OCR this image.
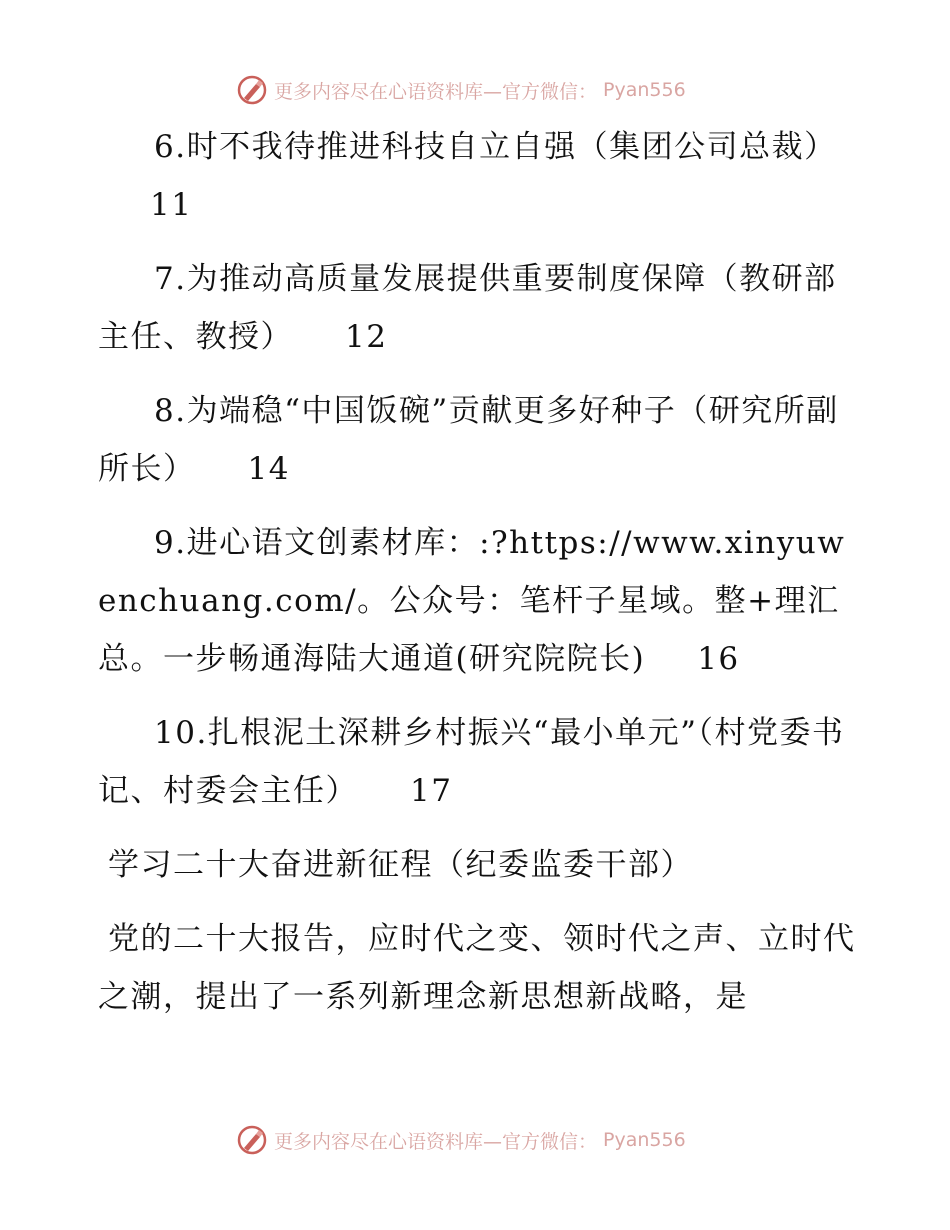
更多内容尽在心语资料库—官方微信： Pyan556

6.时不我待推进科技自立自强（集团公司总裁）11

7.为推动高质量发展提供重要制度保障（教研部主任、教授） 12

8.为端稳“中国饭碗”贡献更多好种子（研究所副所长） 14

9.进心语文创素材库：:?https://www.xinyuwenchuang.com/。公众号：笔杆子星域。整+理汇总。一步畅通海陆大通道(研究院院长) 16

10.扎根泥土深耕乡村振兴“最小单元”（村党委书记、村委会主任） 17

学习二十大奋进新征程（纪委监委干部）

党的二十大报告，应时代之变、领时代之声、立时代之潮，提出了一系列新理念新思想新战略，是

更多内容尽在心语资料库—官方微信： Pyan556
